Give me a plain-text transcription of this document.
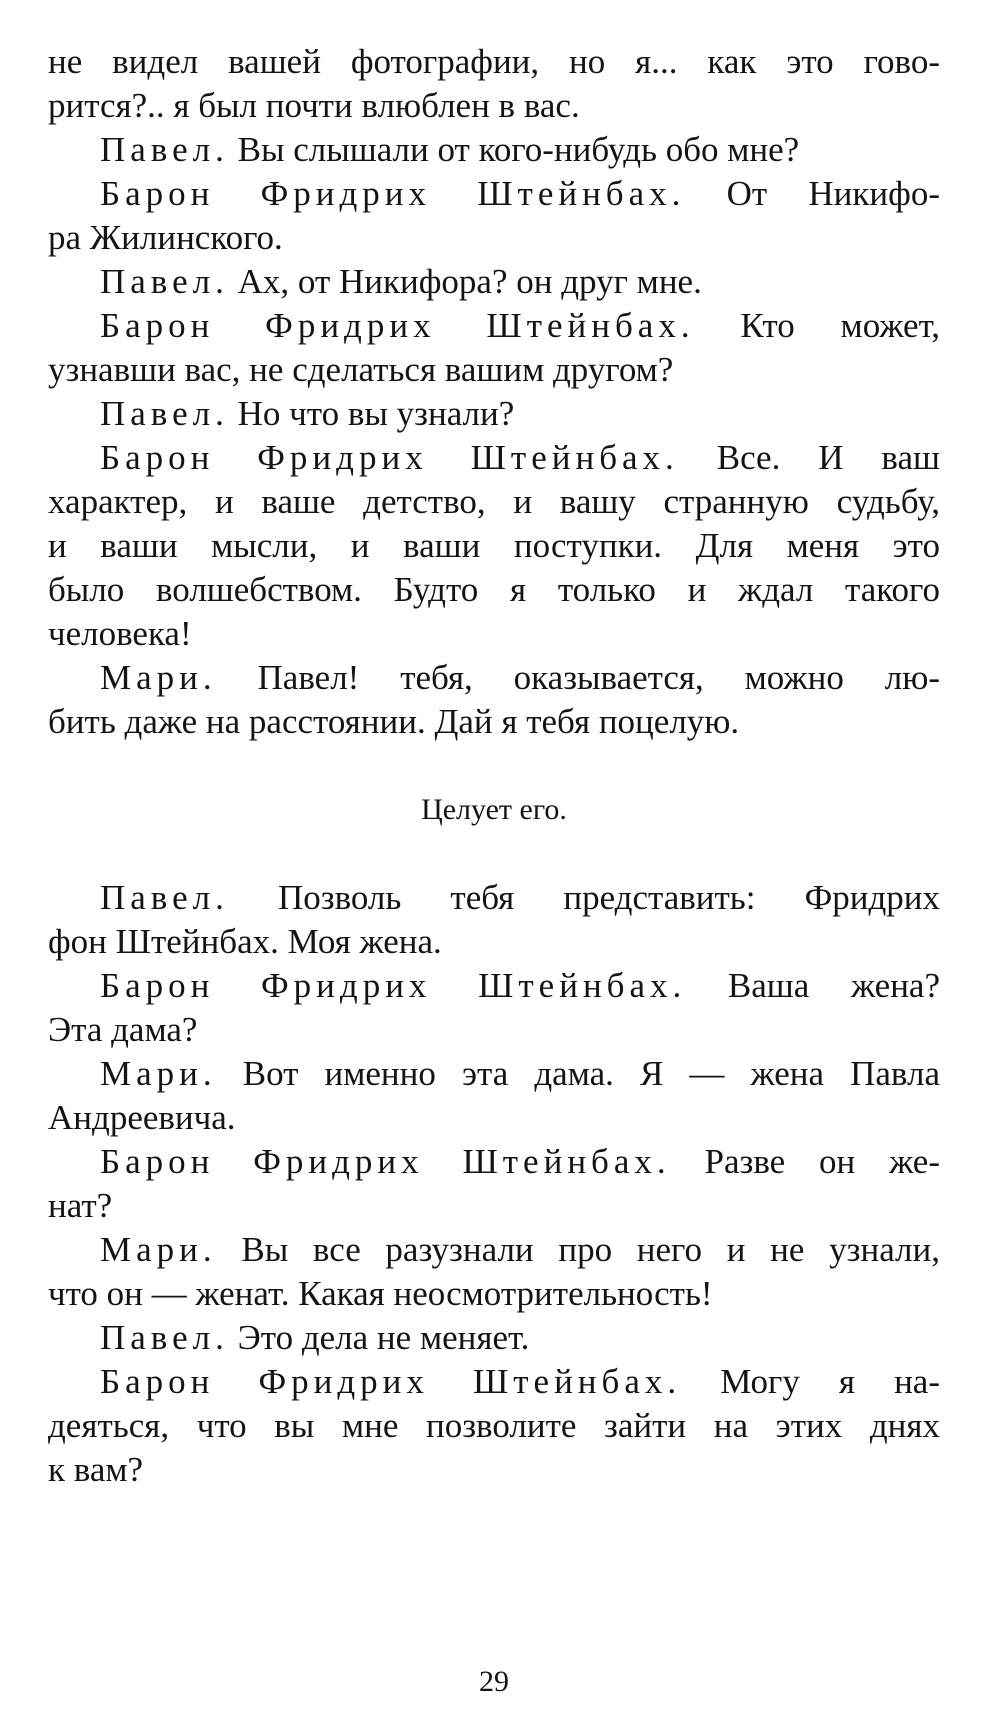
не видел вашей фотографии, но я... как это гово-
рится?.. я был почти влюблен в вас.
Павел. Вы слышали от кого-нибудь обо мне?
Барон Фридрих Штейнбах. От Никифо-
ра Жилинского.
Павел. Ах, от Никифора? он друг мне.
Барон Фридрих Штейнбах. Кто может,
узнавши вас, не сделаться вашим другом?
Павел. Но что вы узнали?
Барон Фридрих Штейнбах. Все. И ваш
характер, и ваше детство, и вашу странную судьбу,
и ваши мысли, и ваши поступки. Для меня это
было волшебством. Будто я только и ждал такого
человека!
Мари. Павел! тебя, оказывается, можно лю-
бить даже на расстоянии. Дай я тебя поцелую.
Целует его.
Павел. Позволь тебя представить: Фридрих
фон Штейнбах. Моя жена.
Барон Фридрих Штейнбах. Ваша жена?
Эта дама?
Мари. Вот именно эта дама. Я — жена Павла
Андреевича.
Барон Фридрих Штейнбах. Разве он же-
нат?
Мари. Вы все разузнали про него и не узнали,
что он — женат. Какая неосмотрительность!
Павел. Это дела не меняет.
Барон Фридрих Штейнбах. Могу я на-
деяться, что вы мне позволите зайти на этих днях
к вам?
29
